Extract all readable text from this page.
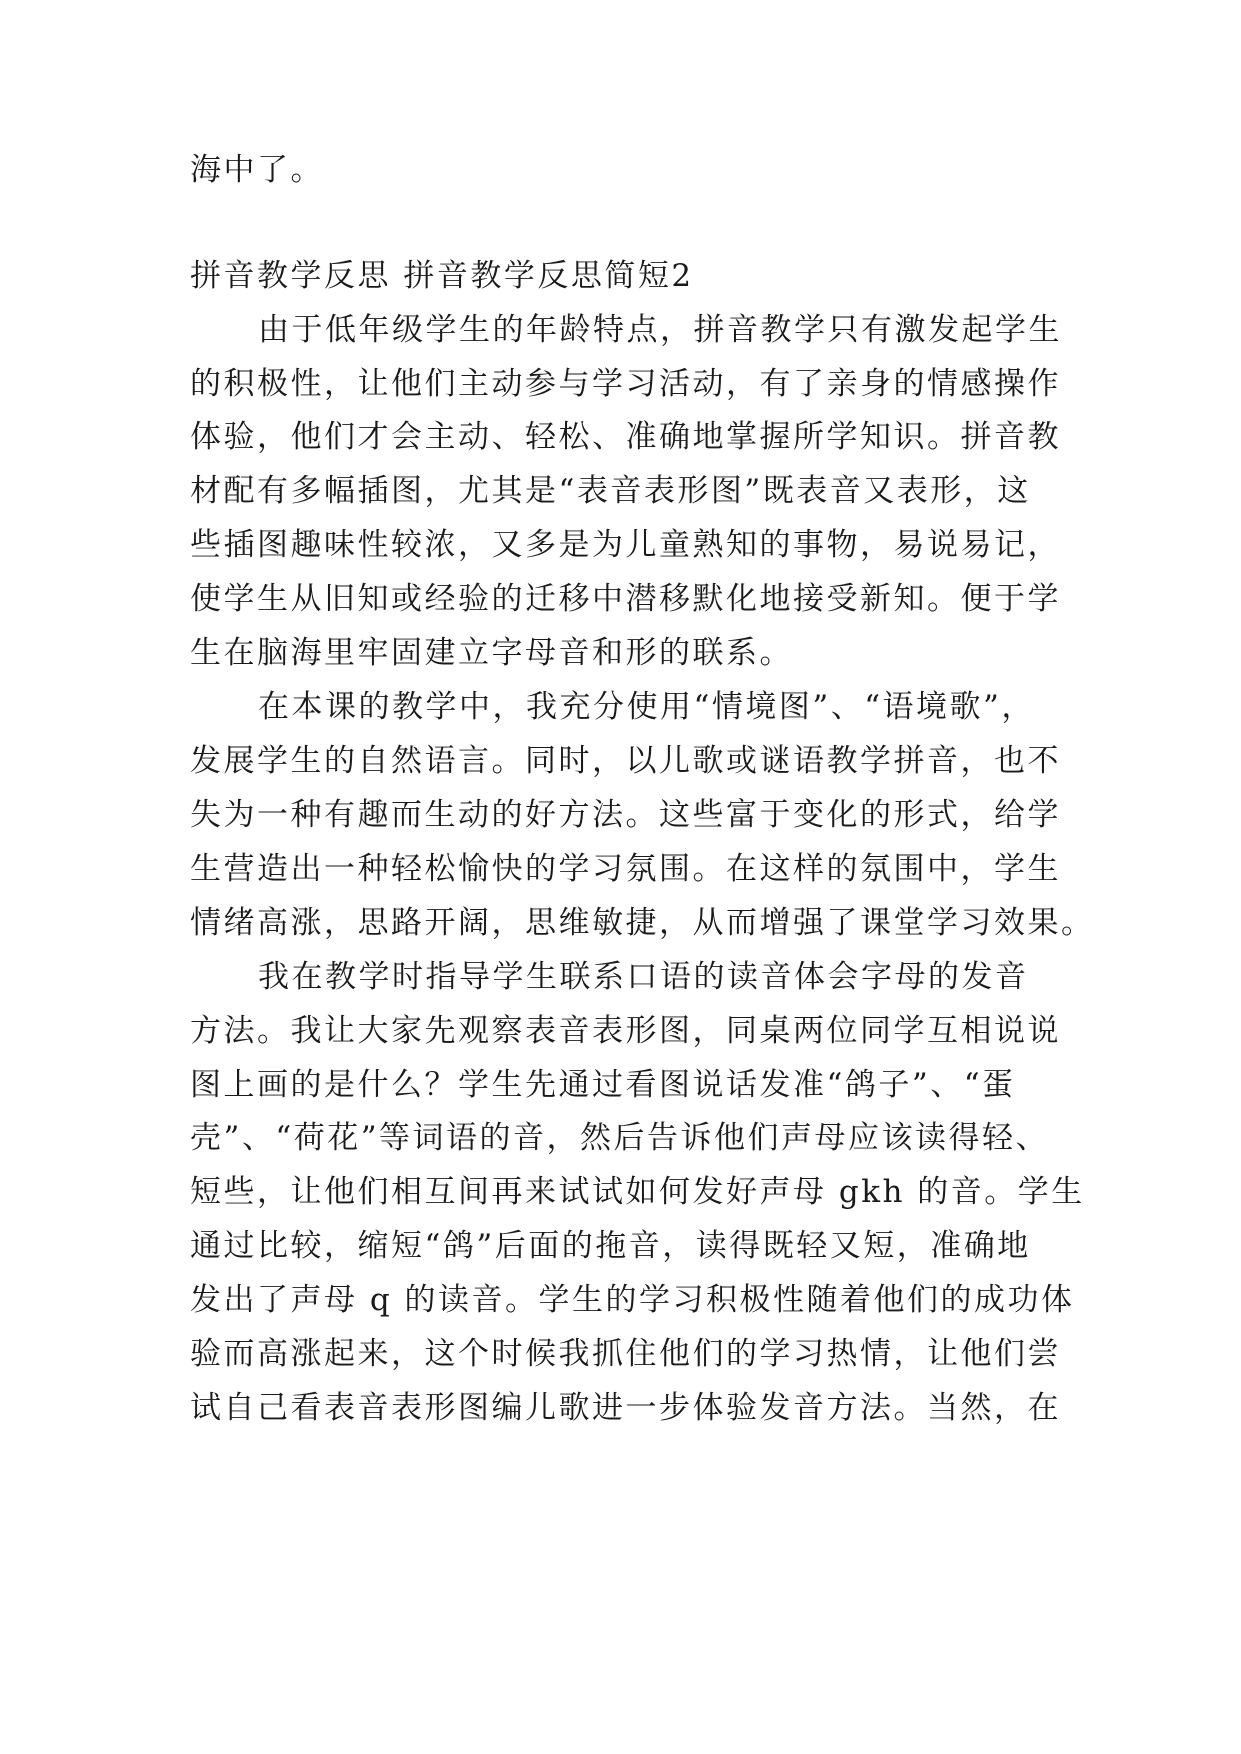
海中了。
拼音教学反思 拼音教学反思简短2
由于低年级学生的年龄特点，拼音教学只有激发起学生
的积极性，让他们主动参与学习活动，有了亲身的情感操作
体验，他们才会主动、轻松、准确地掌握所学知识。拼音教
材配有多幅插图，尤其是“表音表形图”既表音又表形，这
些插图趣味性较浓，又多是为儿童熟知的事物，易说易记，
使学生从旧知或经验的迁移中潜移默化地接受新知。便于学
生在脑海里牢固建立字母音和形的联系。
在本课的教学中，我充分使用“情境图”、“语境歌”，
发展学生的自然语言。同时，以儿歌或谜语教学拼音，也不
失为一种有趣而生动的好方法。这些富于变化的形式，给学
生营造出一种轻松愉快的学习氛围。在这样的氛围中，学生
情绪高涨，思路开阔，思维敏捷，从而增强了课堂学习效果。
我在教学时指导学生联系口语的读音体会字母的发音
方法。我让大家先观察表音表形图，同桌两位同学互相说说
图上画的是什么？学生先通过看图说话发准“鸽子”、“蛋
壳”、“荷花”等词语的音，然后告诉他们声母应该读得轻、
短些，让他们相互间再来试试如何发好声母 gkh 的音。学生
通过比较，缩短“鸽”后面的拖音，读得既轻又短，准确地
发出了声母 q 的读音。学生的学习积极性随着他们的成功体
验而高涨起来，这个时候我抓住他们的学习热情，让他们尝
试自己看表音表形图编儿歌进一步体验发音方法。当然，在
